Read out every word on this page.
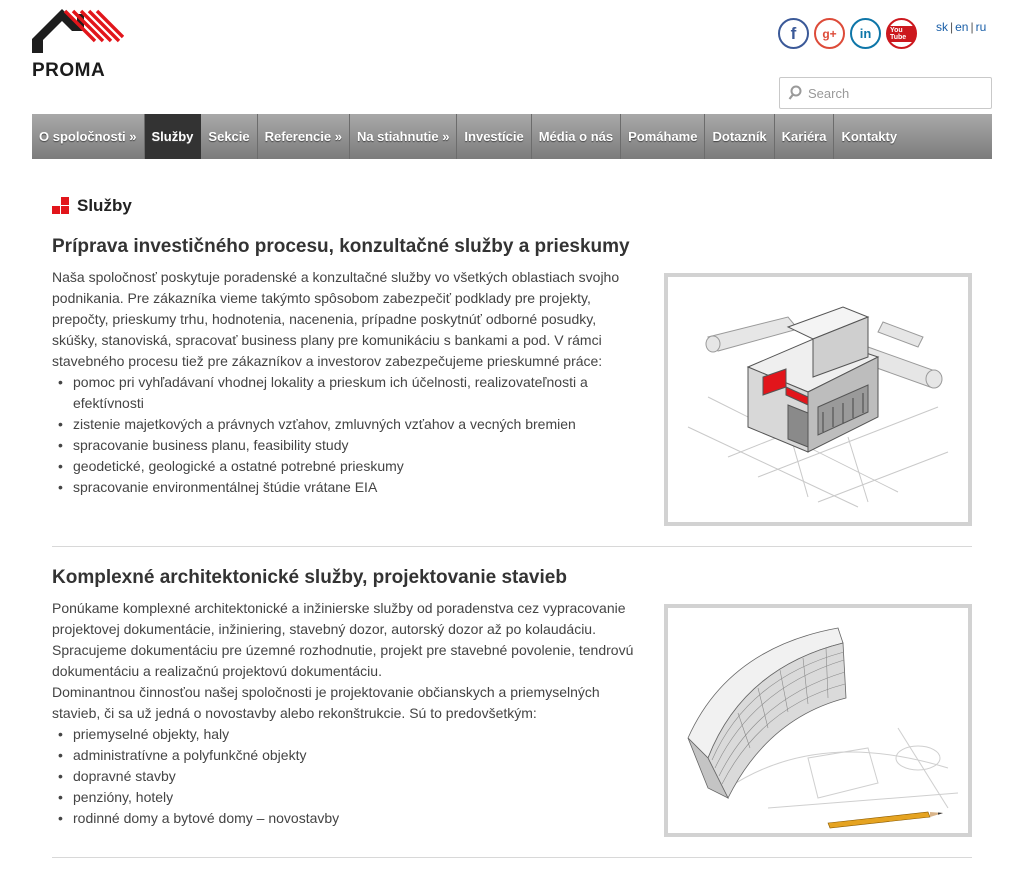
PROMA
f	g+	in	You Tube
sk | en | ru
Search
O spoločnosti »	Služby	Sekcie	Referencie »	Na stiahnutie »	Investície	Média o nás	Pomáhame	Dotazník	Kariéra	Kontakty
Služby
Príprava investičného procesu, konzultačné služby a prieskumy

Naša spoločnosť poskytuje poradenské a konzultačné služby vo všetkých oblastiach svojho podnikania. Pre zákazníka vieme takýmto spôsobom zabezpečiť podklady pre projekty, prepočty, prieskumy trhu, hodnotenia, nacenenia, prípadne poskytnúť odborné posudky, skúšky, stanoviská, spracovať business plany pre komunikáciu s bankami a pod. V rámci stavebného procesu tiež pre zákazníkov a investorov zabezpečujeme prieskumné práce:

• pomoc pri vyhľadávaní vhodnej lokality a prieskum ich účelnosti, realizovateľnosti a efektívnosti
• zistenie majetkových a právnych vzťahov, zmluvných vzťahov a vecných bremien
• spracovanie business planu, feasibility study
• geodetické, geologické a ostatné potrebné prieskumy
• spracovanie environmentálnej štúdie vrátane EIA
Komplexné architektonické služby, projektovanie stavieb

Ponúkame komplexné architektonické a inžinierske služby od poradenstva cez vypracovanie projektovej dokumentácie, inžiniering, stavebný dozor, autorský dozor až po kolaudáciu. Spracujeme dokumentáciu pre územné rozhodnutie, projekt pre stavebné povolenie, tendrovú dokumentáciu a realizačnú projektovú dokumentáciu.

Dominantnou činnosťou našej spoločnosti je projektovanie občianskych a priemyselných stavieb, či sa už jedná o novostavby alebo rekonštrukcie. Sú to predovšetkým:

• priemyselné objekty, haly
• administratívne a polyfunkčné objekty
• dopravné stavby
• penzióny, hotely
• rodinné domy a bytové domy – novostavby
